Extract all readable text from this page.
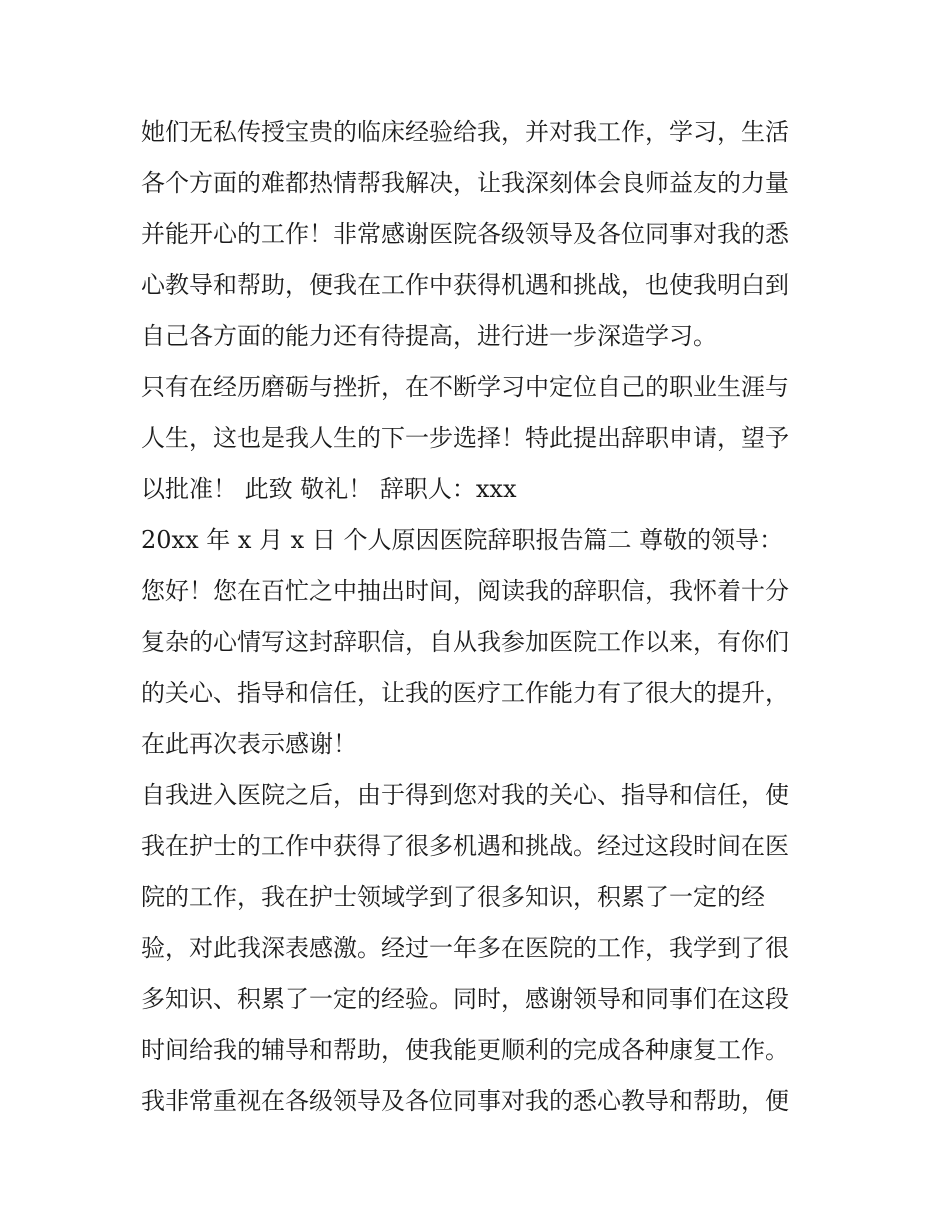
她们无私传授宝贵的临床经验给我，并对我工作，学习，生活
各个方面的难都热情帮我解决，让我深刻体会良师益友的力量
并能开心的工作！非常感谢医院各级领导及各位同事对我的悉
心教导和帮助，便我在工作中获得机遇和挑战，也使我明白到
自己各方面的能力还有待提高，进行进一步深造学习。
只有在经历磨砺与挫折，在不断学习中定位自己的职业生涯与
人生，这也是我人生的下一步选择！特此提出辞职申请，望予
以批准！ 此致 敬礼！ 辞职人：xxx
20xx 年 x 月 x 日 个人原因医院辞职报告篇二 尊敬的领导：
您好！您在百忙之中抽出时间，阅读我的辞职信，我怀着十分
复杂的心情写这封辞职信，自从我参加医院工作以来，有你们
的关心、指导和信任，让我的医疗工作能力有了很大的提升，
在此再次表示感谢！
自我进入医院之后，由于得到您对我的关心、指导和信任，使
我在护士的工作中获得了很多机遇和挑战。经过这段时间在医
院的工作，我在护士领域学到了很多知识，积累了一定的经
验，对此我深表感激。经过一年多在医院的工作，我学到了很
多知识、积累了一定的经验。同时，感谢领导和同事们在这段
时间给我的辅导和帮助，使我能更顺利的完成各种康复工作。
我非常重视在各级领导及各位同事对我的悉心教导和帮助，便
